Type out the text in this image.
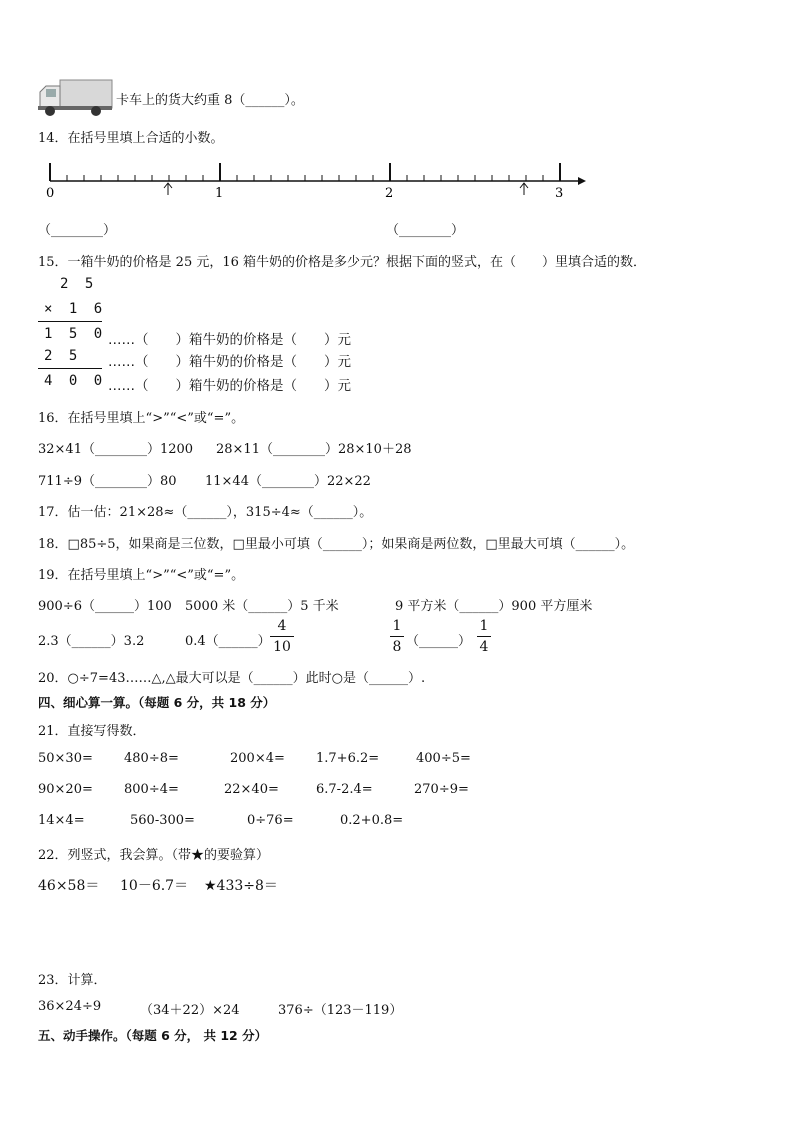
卡车上的货大约重 8（______）。
14．在括号里填上合适的小数。
0	1	2	3
（________）	（________）
15．一箱牛奶的价格是 25 元，16 箱牛奶的价格是多少元？根据下面的竖式，在（　　）里填合适的数．
2 5
× 1 6
1 5 0
2 5
4 0 0
……（　　）箱牛奶的价格是（　　）元
……（　　）箱牛奶的价格是（　　）元
……（　　）箱牛奶的价格是（　　）元
16．在括号里填上“>”“<”或“=”。
32×41（________）1200 28×11（________）28×10＋28
711÷9（________）80 11×44（________）22×22
17．估一估：21×28≈（______），315÷4≈（______）。
18．□85÷5，如果商是三位数，□里最小可填（______）；如果商是两位数，□里最大可填（______）。
19．在括号里填上“>”“<”或“=”。
900÷6（______）100 5000 米（______）5 千米	9 平方米（______）900 平方厘米
2.3（______）3.2	0.4（______）
4
10
1
8 （______）
1
4
20．○÷7=43……△,△最大可以是（______）此时○是（______）.
四、细心算一算。（每题 6 分，共 18 分）
21．直接写得数．
50×30= 480÷8=	200×4= 1.7+6.2=	400÷5=
90×20= 800÷4=	22×40=	6.7-2.4=	270÷9=
14×4=	560-300=	0÷76=	0.2+0.8=
22．列竖式，我会算。（带★的要验算）
46×58＝ 10－6.7＝ ★433÷8＝
23．计算．
36×24÷9	（34＋22）×24	376÷（123－119）
五、动手操作。（每题 6 分， 共 12 分）
